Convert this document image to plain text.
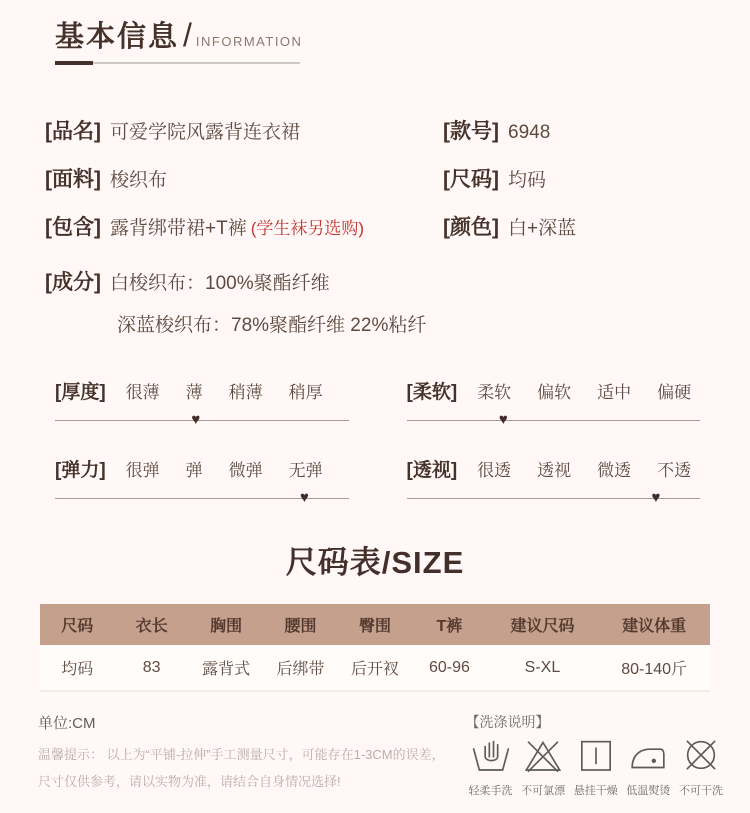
基本信息 / INFORMATION
[品名] 可爱学院风露背连衣裙	[款号] 6948
[面料] 梭织布	[尺码] 均码
[包含] 露背绑带裙+T裤 (学生袜另选购)	[颜色] 白+深蓝
[成分] 白梭织布：100%聚酯纤维
深蓝梭织布：78%聚酯纤维 22%粘纤
[厚度] 很薄 薄 稍薄 稍厚
♥
[柔软] 柔软 偏软 适中 偏硬
♥
[弹力] 很弹 弹 微弹 无弹
♥
[透视] 很透 透视 微透 不透
♥
尺码表/SIZE
尺码	衣长	胸围	腰围	臀围	T裤	建议尺码	建议体重
均码	83	露背式	后绑带	后开衩	60-96	S-XL	80-140斤
单位:CM
温馨提示： 以上为“平铺-拉伸”手工测量尺寸，可能存在1-3CM的误差，
尺寸仅供参考，请以实物为准，请结合自身情况选择!
【洗涤说明】
轻柔手洗 不可氯漂 悬挂干燥 低温熨烫 不可干洗
